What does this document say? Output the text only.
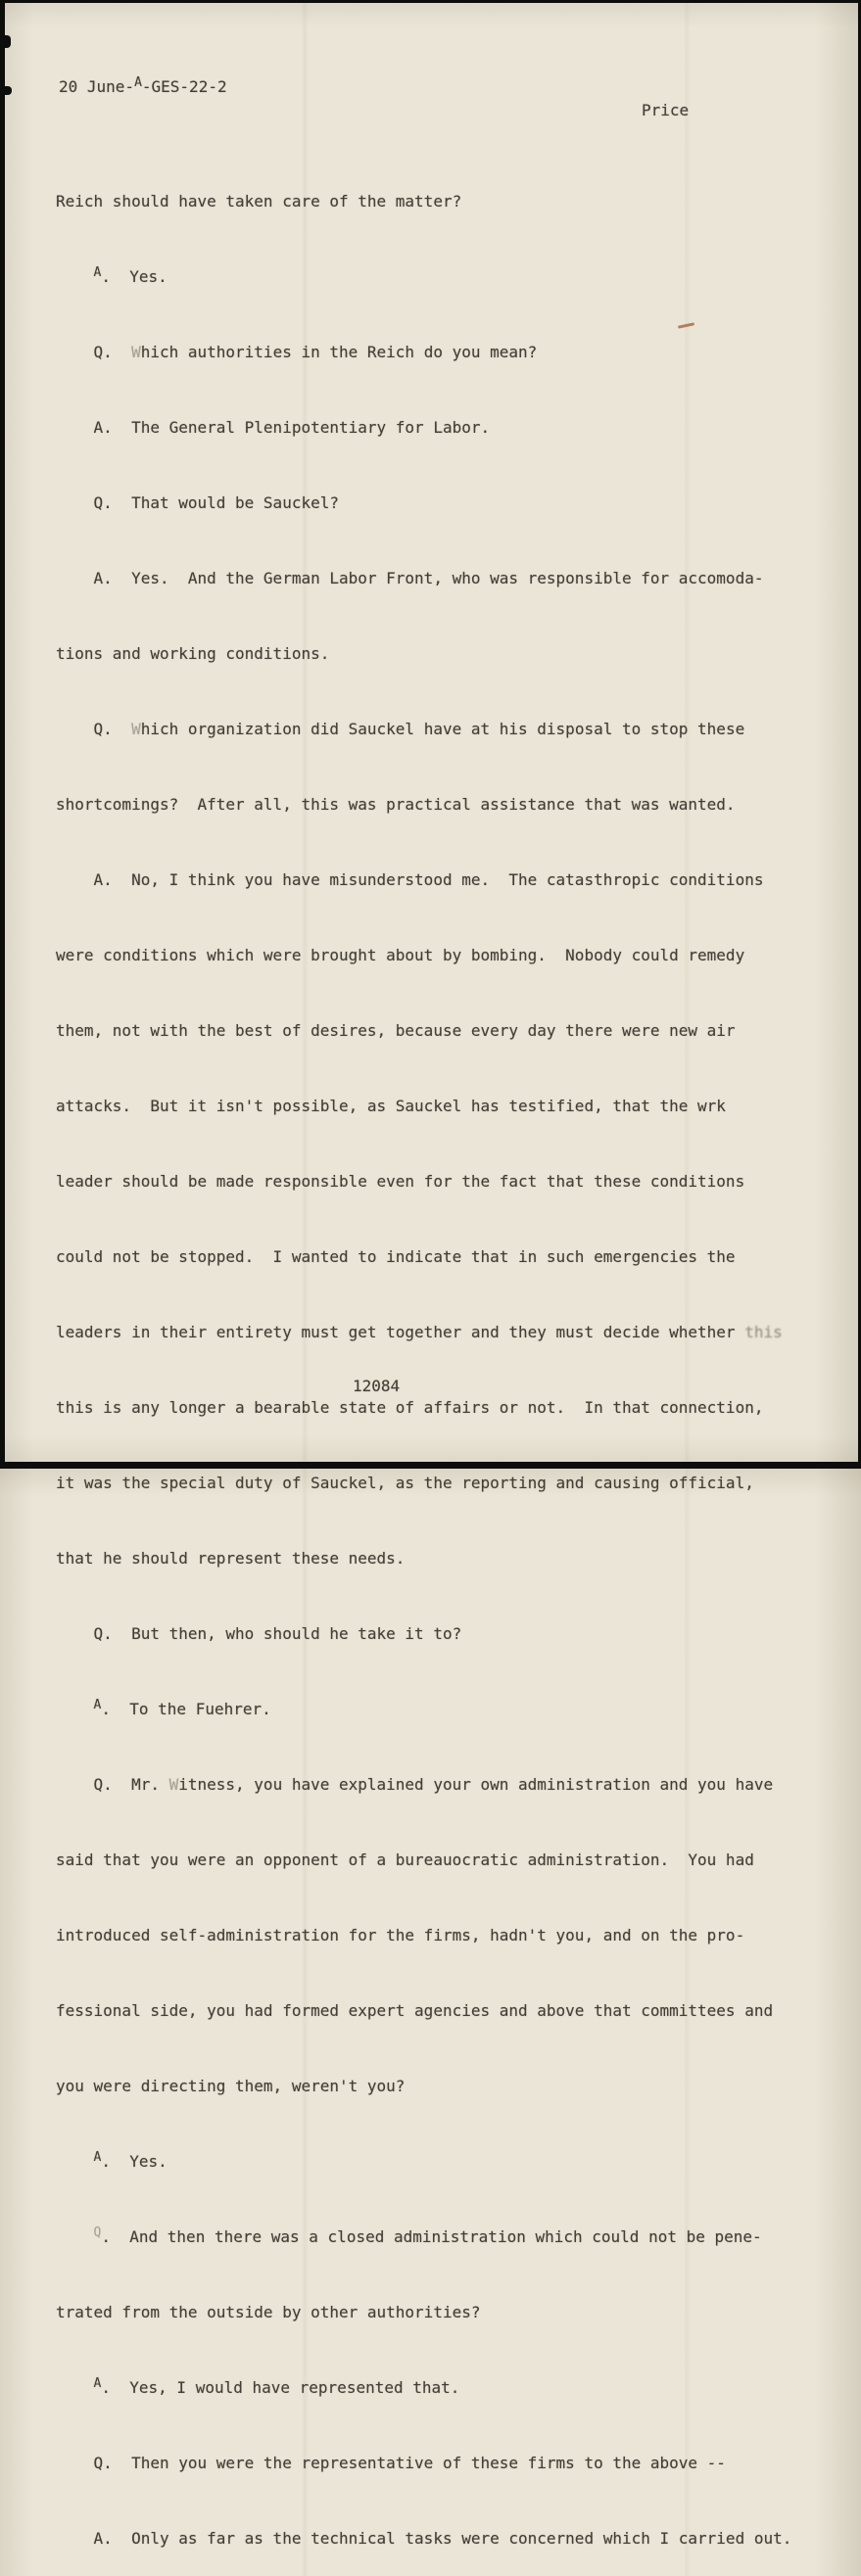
20 June-$^A$-GES-22-2

Price

Reich should have taken care of the matter?

$^A$.  Yes.

Q.  Which authorities in the Reich do you mean?

A.  The General Plenipotentiary for Labor.

Q.  That would be Sauckel?

A.  Yes.  And the German Labor Front, who was responsible for accomoda-

tions and working conditions.

Q.  Which organization did Sauckel have at his disposal to stop these

shortcomings?  After all, this was practical assistance that was wanted.

A.  No, I think you have misunderstood me.  The catasthropic conditions

were conditions which were brought about by bombing.  Nobody could remedy

them, not with the best of desires, because every day there were new air

attacks.  But it isn't possible, as Sauckel has testified, that the wrk

leader should be made responsible even for the fact that these conditions

could not be stopped.  I wanted to indicate that in such emergencies the

leaders in their entirety must get together and they must decide whether this

this is any longer a bearable state of affairs or not.  In that connection,

it was the special duty of Sauckel, as the reporting and causing official,

that he should represent these needs.

Q.  But then, who should he take it to?

$^A$.  To the Fuehrer.

Q.  Mr. Witness, you have explained your own administration and you have

said that you were an opponent of a bureauocratic administration.  You had

introduced self-administration for the firms, hadn't you, and on the pro-

fessional side, you had formed expert agencies and above that committees and

you were directing them, weren't you?

$^A$.  Yes.

$^Q$.  And then there was a closed administration which could not be pene-

trated from the outside by other authorities?

$^A$.  Yes, I would have represented that.

Q.  Then you were the representative of these firms to the above --

A.  Only as far as the technical tasks were concerned which I carried out.

12084
